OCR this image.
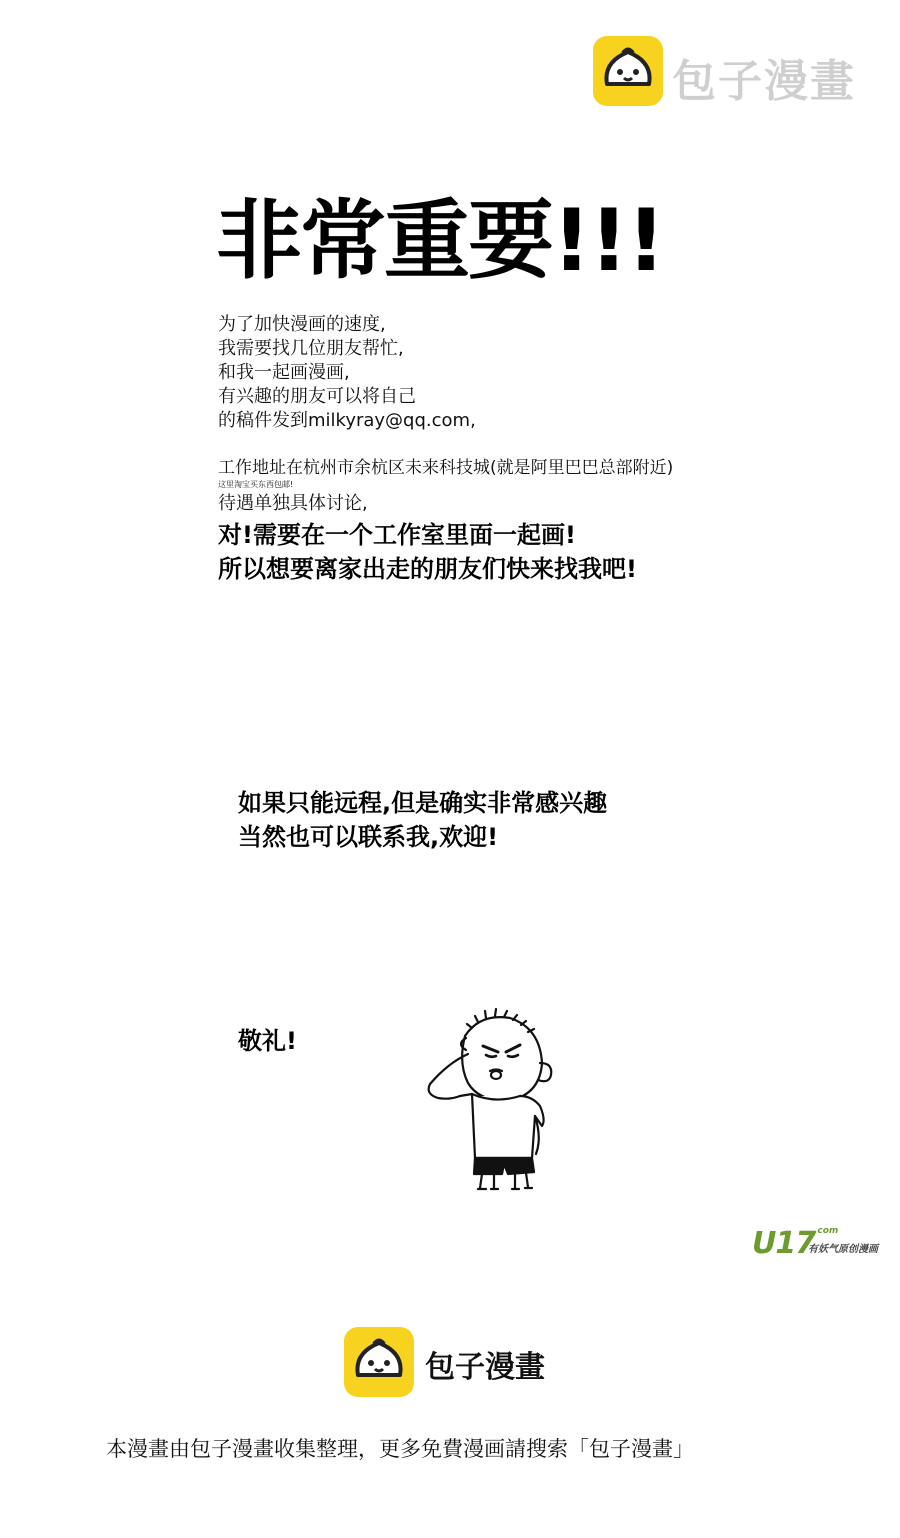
包子漫畫
非常重要!!!
为了加快漫画的速度,
我需要找几位朋友帮忙,
和我一起画漫画,
有兴趣的朋友可以将自己
的稿件发到milkyray@qq.com,
工作地址在杭州市余杭区未来科技城(就是阿里巴巴总部附近)
这里淘宝买东西包邮!
待遇单独具体讨论,
对!需要在一个工作室里面一起画!
所以想要离家出走的朋友们快来找我吧!
如果只能远程,但是确实非常感兴趣
当然也可以联系我,欢迎!
敬礼!
U17
.com
有妖气原创漫画
包子漫畫
本漫畫由包子漫畫收集整理，更多免費漫画請搜索「包子漫畫」
